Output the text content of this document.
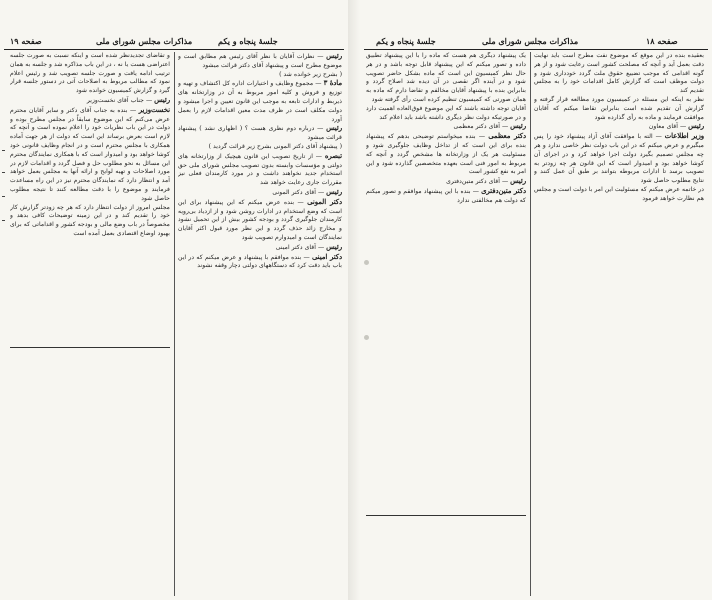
صفحه ۱۹	مذاکرات مجلس شورای ملی	جلسهٔ پنجاه و یکم

و تقاضای تجدیدنظر شده است و اینکه نسبت به صورت جلسه اعتراضی هست یا نه ، در این باب مذاکره شد و جلسه به همان ترتیب ادامه یافت و صورت جلسه تصویب شد و رئیس اعلام نمود که مطالب مربوط به اصلاحات آتی در دستور جلسه قرار گیرد و گزارش کمیسیون خوانده شود

رئیس — جناب آقای نخست‌وزیر

نخست‌وزیر — بنده به جناب آقای دکتر و سایر آقایان محترم عرض می‌کنم که این موضوع سابقاً در مجلس مطرح بوده و دولت در این باب نظریات خود را اعلام نموده است و آنچه که لازم است بعرض برساند این است که دولت از هر جهت آماده همکاری با مجلس محترم است و در انجام وظایف قانونی خود کوشا خواهد بود و امیدوار است که با همکاری نمایندگان محترم این مسائل به نحو مطلوب حل و فصل گردد و اقدامات لازم در مورد اصلاحات و تهیه لوایح و ارائه آنها به مجلس بعمل خواهد آمد و انتظار دارد که نمایندگان محترم نیز در این راه مساعدت فرمایند و موضوع را با دقت مطالعه کنند تا نتیجه مطلوب حاصل شود

مجلس امروز از دولت انتظار دارد که هر چه زودتر گزارش کار خود را تقدیم کند و در این زمینه توضیحات کافی بدهد و مخصوصاً در باب وضع مالی و بودجه کشور و اقداماتی که برای بهبود اوضاع اقتصادی بعمل آمده است

رئیس — نظرات آقایان با نظر آقای رئیس هم مطابق است و موضوع مطرح است و پیشنهاد آقای دکتر قرائت میشود

( بشرح زیر خوانده شد )

مادهٔ ۳ — مجموع وظایف و اختیارات اداره کل اکتشاف و تهیه و توزیع و فروش و کلیه امور مربوط به آن در وزارتخانه های ذیربط و ادارات تابعه به موجب این قانون تعیین و اجرا میشود و دولت مکلف است در ظرف مدت معین اقدامات لازم را بعمل آورد

رئیس — درباره دوم نظری هست ؟ ( اظهاری نشد ) پیشنهاد قرائت میشود

( پیشنهاد آقای دکتر المونی بشرح زیر قرائت گردید )

تبصره — از تاریخ تصویب این قانون هیچیک از وزارتخانه های دولتی و مؤسسات وابسته بدون تصویب مجلس شورای ملی حق استخدام جدید نخواهند داشت و در مورد کارمندان فعلی نیز مقررات جاری رعایت خواهد شد

رئیس — آقای دکتر المونی

دکتر المونی — بنده عرض میکنم که این پیشنهاد برای این است که وضع استخدام در ادارات روشن شود و از ازدیاد بی‌رویه کارمندان جلوگیری گردد و بودجه کشور بیش از این تحمیل نشود و مخارج زائد حذف گردد و این نظر مورد قبول اکثر آقایان نمایندگان است و امیدوارم تصویب شود

رئیس — آقای دکتر امینی

دکتر امینی — بنده موافقم با پیشنهاد و عرض میکنم که در این باب باید دقت کرد که دستگاههای دولتی دچار وقفه نشوند

جلسهٔ پنجاه و یکم	مذاکرات مجلس شورای ملی	صفحه ۱۸

یک پیشنهاد دیگری هم هست که ماده را با این پیشنهاد تطبیق داده و تصور میکنم که این پیشنهاد قابل توجه باشد و در هر حال نظر کمیسیون این است که ماده بشکل حاضر تصویب شود و در آینده اگر نقصی در آن دیده شد اصلاح گردد و بنابراین بنده با پیشنهاد آقایان مخالفم و تقاضا دارم که ماده به همان صورتی که کمیسیون تنظیم کرده است رأی گرفته شود

آقایان توجه داشته باشند که این موضوع فوق‌العاده اهمیت دارد و در صورتیکه دولت نظر دیگری داشته باشد باید اعلام کند

رئیس — آقای دکتر معظمی

دکتر معظمی — بنده میخواستم توضیحی بدهم که پیشنهاد بنده برای این است که از تداخل وظایف جلوگیری شود و مسئولیت هر یک از وزارتخانه ها مشخص گردد و آنچه که مربوط به امور فنی است بعهده متخصصین گذارده شود و این امر به نفع کشور است

رئیس — آقای دکتر متین‌دفتری

دکتر متین‌دفتری — بنده با این پیشنهاد موافقم و تصور میکنم که دولت هم مخالفتی ندارد

بعقیده بنده در این موقع که موضوع نفت مطرح است باید نهایت دقت بعمل آید و آنچه که مصلحت کشور است رعایت شود و از هر گونه اقدامی که موجب تضییع حقوق ملت گردد خودداری شود و دولت موظف است که گزارش کامل اقدامات خود را به مجلس تقدیم کند

نظر به اینکه این مسئله در کمیسیون مورد مطالعه قرار گرفته و گزارش آن تقدیم شده است بنابراین تقاضا میکنم که آقایان موافقت فرمایند و ماده به رأی گذارده شود

رئیس — آقای معاون

وزیر اطلاعات — الته با موافقت آقای آزاد پیشنهاد خود را پس میگیرم و عرض میکنم که در این باب دولت نظر خاصی ندارد و هر چه مجلس تصمیم بگیرد دولت اجرا خواهد کرد و در اجرای آن کوشا خواهد بود و امیدوار است که این قانون هر چه زودتر به تصویب برسد تا ادارات مربوطه بتوانند بر طبق آن عمل کنند و نتایج مطلوب حاصل شود

در خاتمه عرض میکنم که مسئولیت این امر با دولت است و مجلس هم نظارت خواهد فرمود
